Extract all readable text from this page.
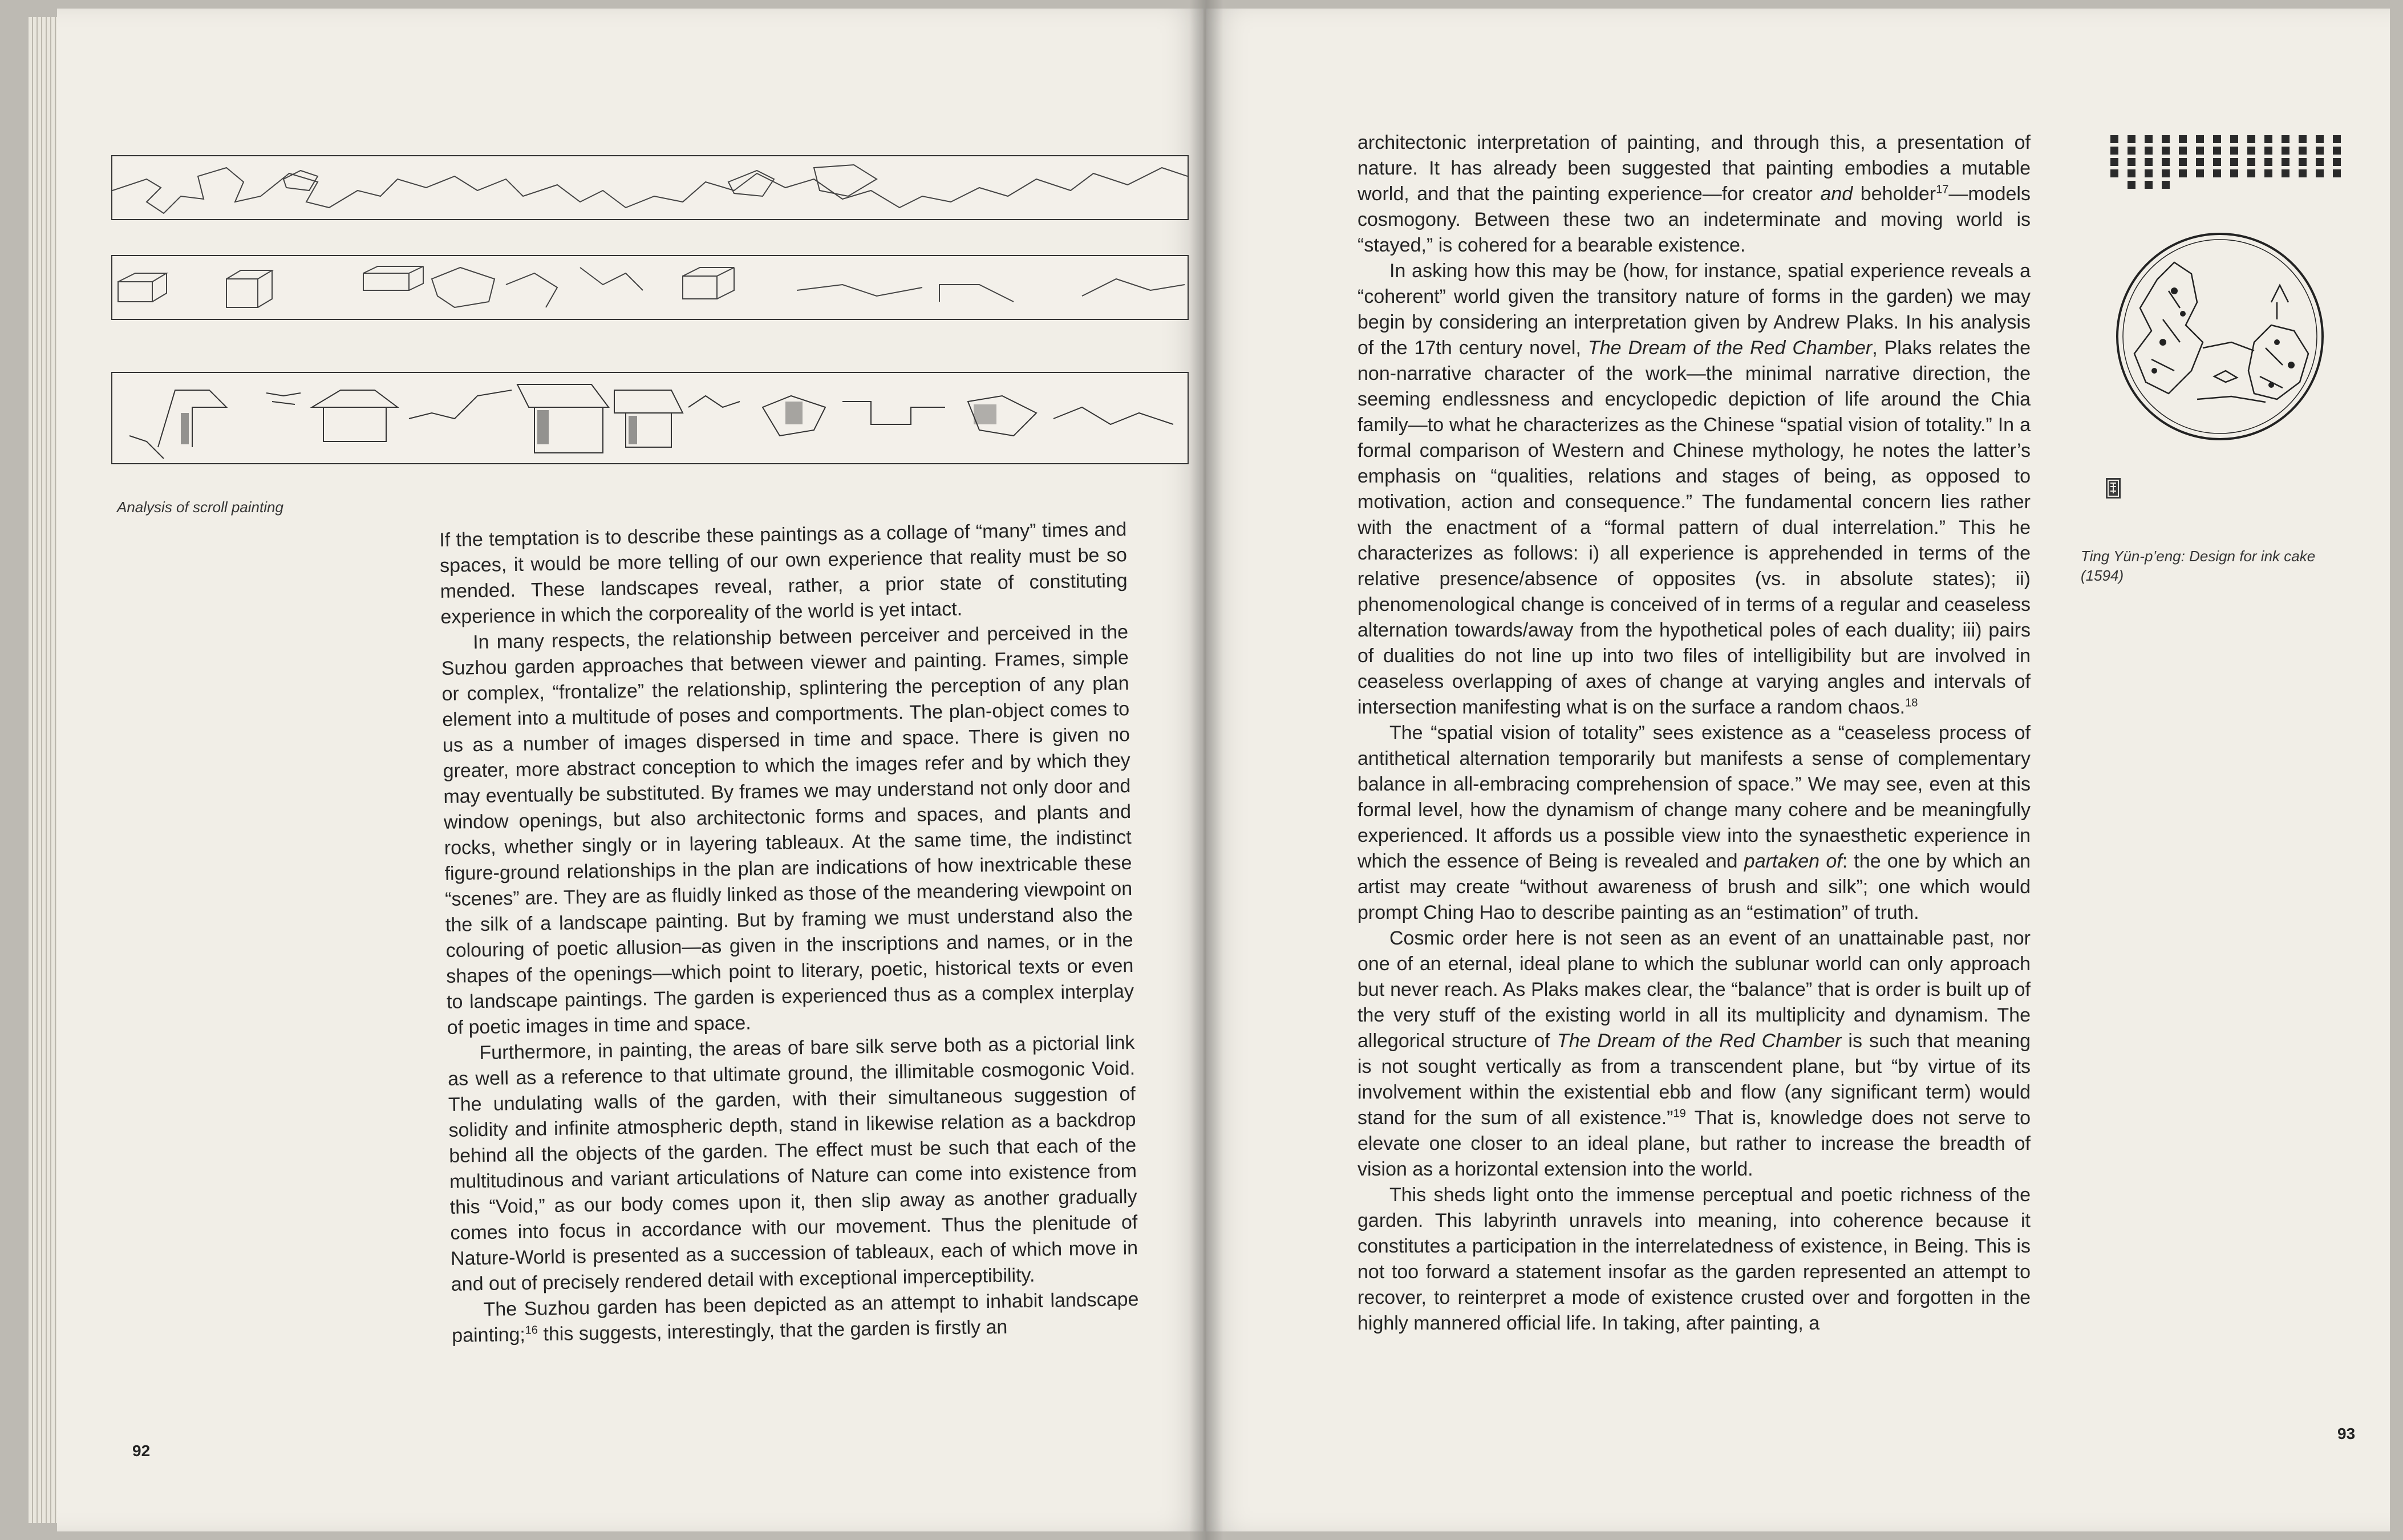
Analysis of scroll painting

If the temptation is to describe these paintings as a collage of “many” times and spaces, it would be more telling of our own experience that reality must be so mended. These landscapes reveal, rather, a prior state of constituting experience in which the corporeality of the world is yet intact.

In many respects, the relationship between perceiver and perceived in the Suzhou garden approaches that between viewer and painting. Frames, simple or complex, “frontalize” the relationship, splintering the perception of any plan element into a multitude of poses and comportments. The plan-object comes to us as a number of images dispersed in time and space. There is given no greater, more abstract conception to which the images refer and by which they may eventually be substituted. By frames we may understand not only door and window openings, but also architectonic forms and spaces, and plants and rocks, whether singly or in layering tableaux. At the same time, the indistinct figure-ground relationships in the plan are indications of how inextricable these “scenes” are. They are as fluidly linked as those of the meandering viewpoint on the silk of a landscape painting. But by framing we must understand also the colouring of poetic allusion—as given in the inscriptions and names, or in the shapes of the openings—which point to literary, poetic, historical texts or even to landscape paintings. The garden is experienced thus as a complex interplay of poetic images in time and space.

Furthermore, in painting, the areas of bare silk serve both as a pictorial link as well as a reference to that ultimate ground, the illimitable cosmogonic Void. The undulating walls of the garden, with their simultaneous suggestion of solidity and infinite atmospheric depth, stand in likewise relation as a backdrop behind all the objects of the garden. The effect must be such that each of the multitudinous and variant articulations of Nature can come into existence from this “Void,” as our body comes upon it, then slip away as another gradually comes into focus in accordance with our movement. Thus the plenitude of Nature-World is presented as a succession of tableaux, each of which move in and out of precisely rendered detail with exceptional imperceptibility.

The Suzhou garden has been depicted as an attempt to inhabit landscape painting;$^{16}$ this suggests, interestingly, that the garden is firstly an

92
Ting Yün-p’eng: Design for ink cake (1594)

architectonic interpretation of painting, and through this, a presentation of nature. It has already been suggested that painting embodies a mutable world, and that the painting experience—for creator and beholder$^{17}$—models cosmogony. Between these two an indeterminate and moving world is “stayed,” is cohered for a bearable existence.

In asking how this may be (how, for instance, spatial experience reveals a “coherent” world given the transitory nature of forms in the garden) we may begin by considering an interpretation given by Andrew Plaks. In his analysis of the 17th century novel, The Dream of the Red Chamber, Plaks relates the non-narrative character of the work—the minimal narrative direction, the seeming endlessness and encyclopedic depiction of life around the Chia family—to what he characterizes as the Chinese “spatial vision of totality.” In a formal comparison of Western and Chinese mythology, he notes the latter’s emphasis on “qualities, relations and stages of being, as opposed to motivation, action and consequence.” The fundamental concern lies rather with the enactment of a “formal pattern of dual interrelation.” This he characterizes as follows: i) all experience is apprehended in terms of the relative presence/absence of opposites (vs. in absolute states); ii) phenomenological change is conceived of in terms of a regular and ceaseless alternation towards/away from the hypothetical poles of each duality; iii) pairs of dualities do not line up into two files of intelligibility but are involved in ceaseless overlapping of axes of change at varying angles and intervals of intersection manifesting what is on the surface a random chaos.$^{18}$

The “spatial vision of totality” sees existence as a “ceaseless process of antithetical alternation temporarily but manifests a sense of complementary balance in all-embracing comprehension of space.” We may see, even at this formal level, how the dynamism of change many cohere and be meaningfully experienced. It affords us a possible view into the synaesthetic experience in which the essence of Being is revealed and partaken of: the one by which an artist may create “without awareness of brush and silk”; one which would prompt Ching Hao to describe painting as an “estimation” of truth.

Cosmic order here is not seen as an event of an unattainable past, nor one of an eternal, ideal plane to which the sublunar world can only approach but never reach. As Plaks makes clear, the “balance” that is order is built up of the very stuff of the existing world in all its multiplicity and dynamism. The allegorical structure of The Dream of the Red Chamber is such that meaning is not sought vertically as from a transcendent plane, but “by virtue of its involvement within the existential ebb and flow (any significant term) would stand for the sum of all existence.”$^{19}$ That is, knowledge does not serve to elevate one closer to an ideal plane, but rather to increase the breadth of vision as a horizontal extension into the world.

This sheds light onto the immense perceptual and poetic richness of the garden. This labyrinth unravels into meaning, into coherence because it constitutes a participation in the interrelatedness of existence, in Being. This is not too forward a statement insofar as the garden represented an attempt to recover, to reinterpret a mode of existence crusted over and forgotten in the highly mannered official life. In taking, after painting, a

93
